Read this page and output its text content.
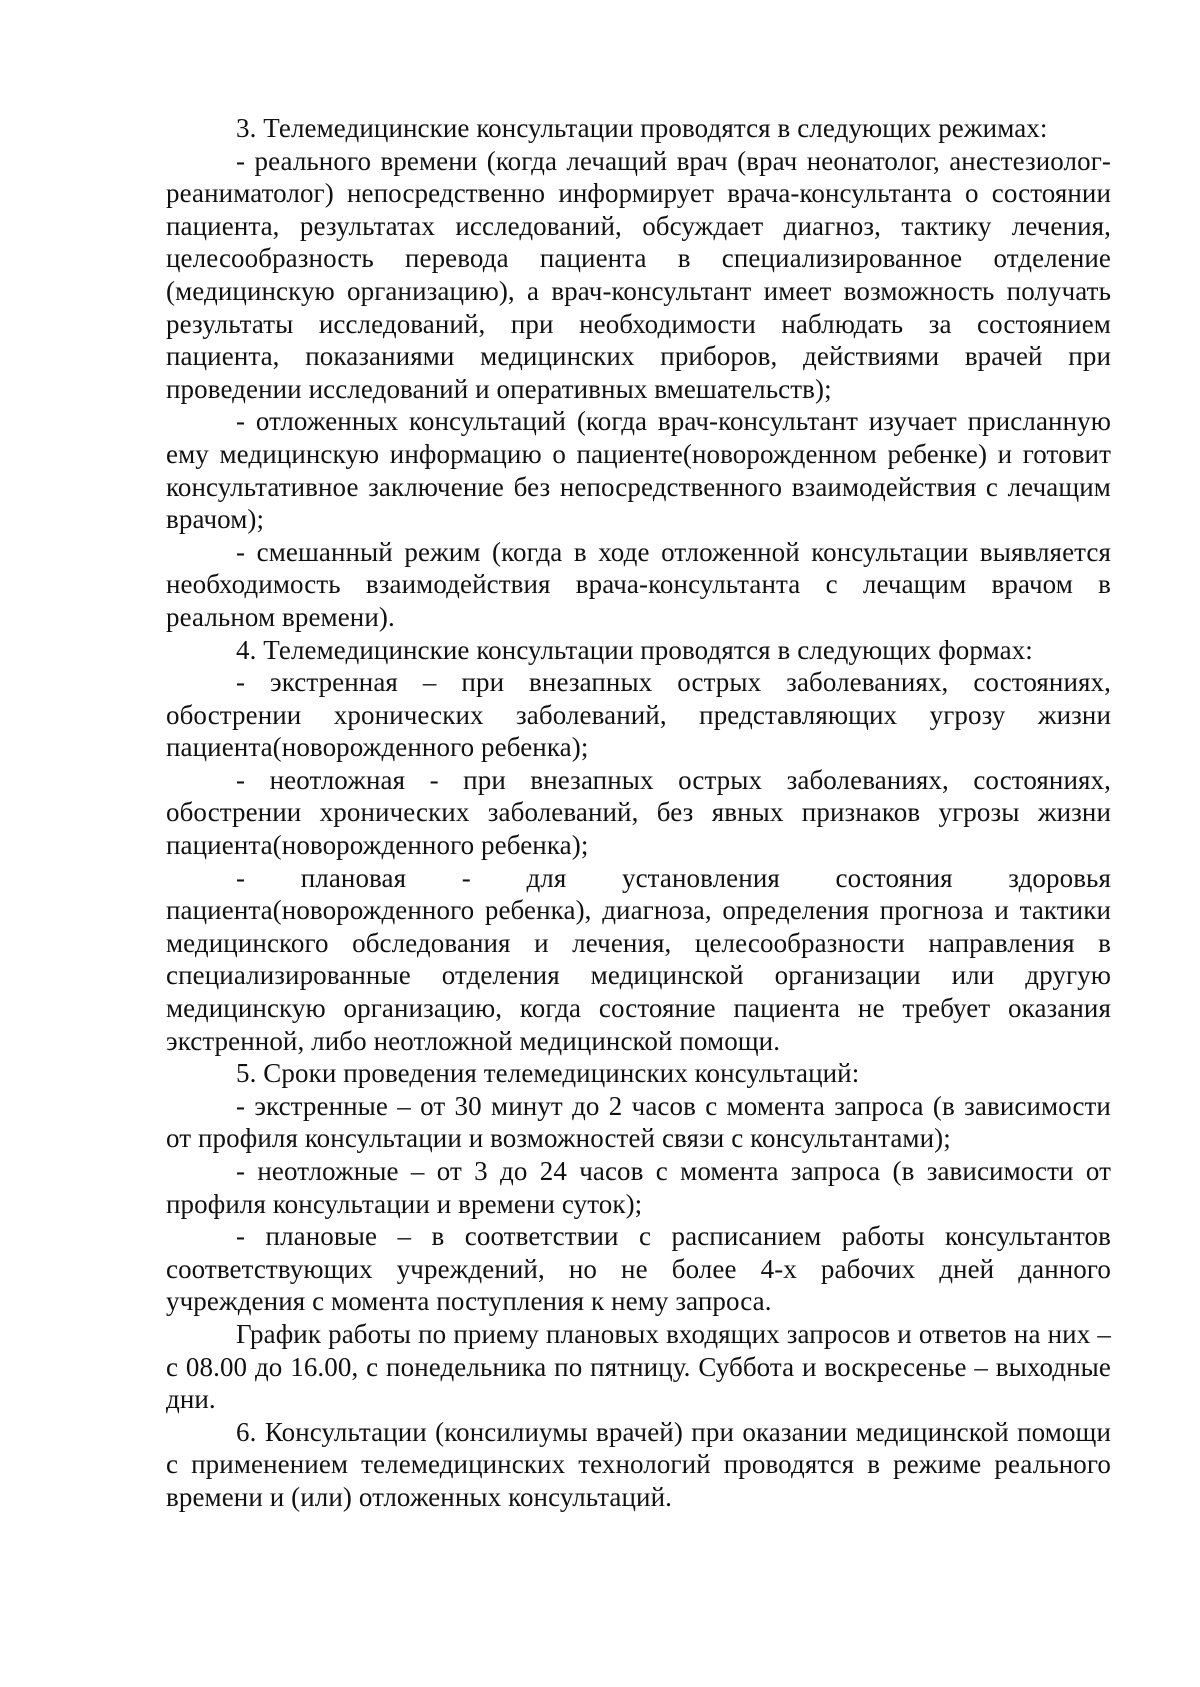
3. Телемедицинские консультации проводятся в следующих режимах:

- реального времени (когда лечащий врач (врач неонатолог, анестезиолог-реаниматолог) непосредственно информирует врача-консультанта о состоянии пациента, результатах исследований, обсуждает диагноз, тактику лечения, целесообразность перевода пациента в специализированное отделение (медицинскую организацию), а врач-консультант имеет возможность получать результаты исследований, при необходимости наблюдать за состоянием пациента, показаниями медицинских приборов, действиями врачей при проведении исследований и оперативных вмешательств);

- отложенных консультаций (когда врач-консультант изучает присланную ему медицинскую информацию о пациенте(новорожденном ребенке) и готовит консультативное заключение без непосредственного взаимодействия с лечащим врачом);

- смешанный режим (когда в ходе отложенной консультации выявляется необходимость взаимодействия врача-консультанта с лечащим врачом в реальном времени).

4. Телемедицинские консультации проводятся в следующих формах:

- экстренная – при внезапных острых заболеваниях, состояниях, обострении хронических заболеваний, представляющих угрозу жизни пациента(новорожденного ребенка);

- неотложная - при внезапных острых заболеваниях, состояниях, обострении хронических заболеваний, без явных признаков угрозы жизни пациента(новорожденного ребенка);

- плановая - для установления состояния здоровья пациента(новорожденного ребенка), диагноза, определения прогноза и тактики медицинского обследования и лечения, целесообразности направления в специализированные отделения медицинской организации или другую медицинскую организацию, когда состояние пациента не требует оказания экстренной, либо неотложной медицинской помощи.

5. Сроки проведения телемедицинских консультаций:

- экстренные – от 30 минут до 2 часов с момента запроса (в зависимости от профиля консультации и возможностей связи с консультантами);

- неотложные – от 3 до 24 часов с момента запроса (в зависимости от профиля консультации и времени суток);

- плановые – в соответствии с расписанием работы консультантов соответствующих учреждений, но не более 4-х рабочих дней данного учреждения с момента поступления к нему запроса.

График работы по приему плановых входящих запросов и ответов на них – с 08.00 до 16.00, с понедельника по пятницу. Суббота и воскресенье – выходные дни.

6. Консультации (консилиумы врачей) при оказании медицинской помощи с применением телемедицинских технологий проводятся в режиме реального времени и (или) отложенных консультаций.
